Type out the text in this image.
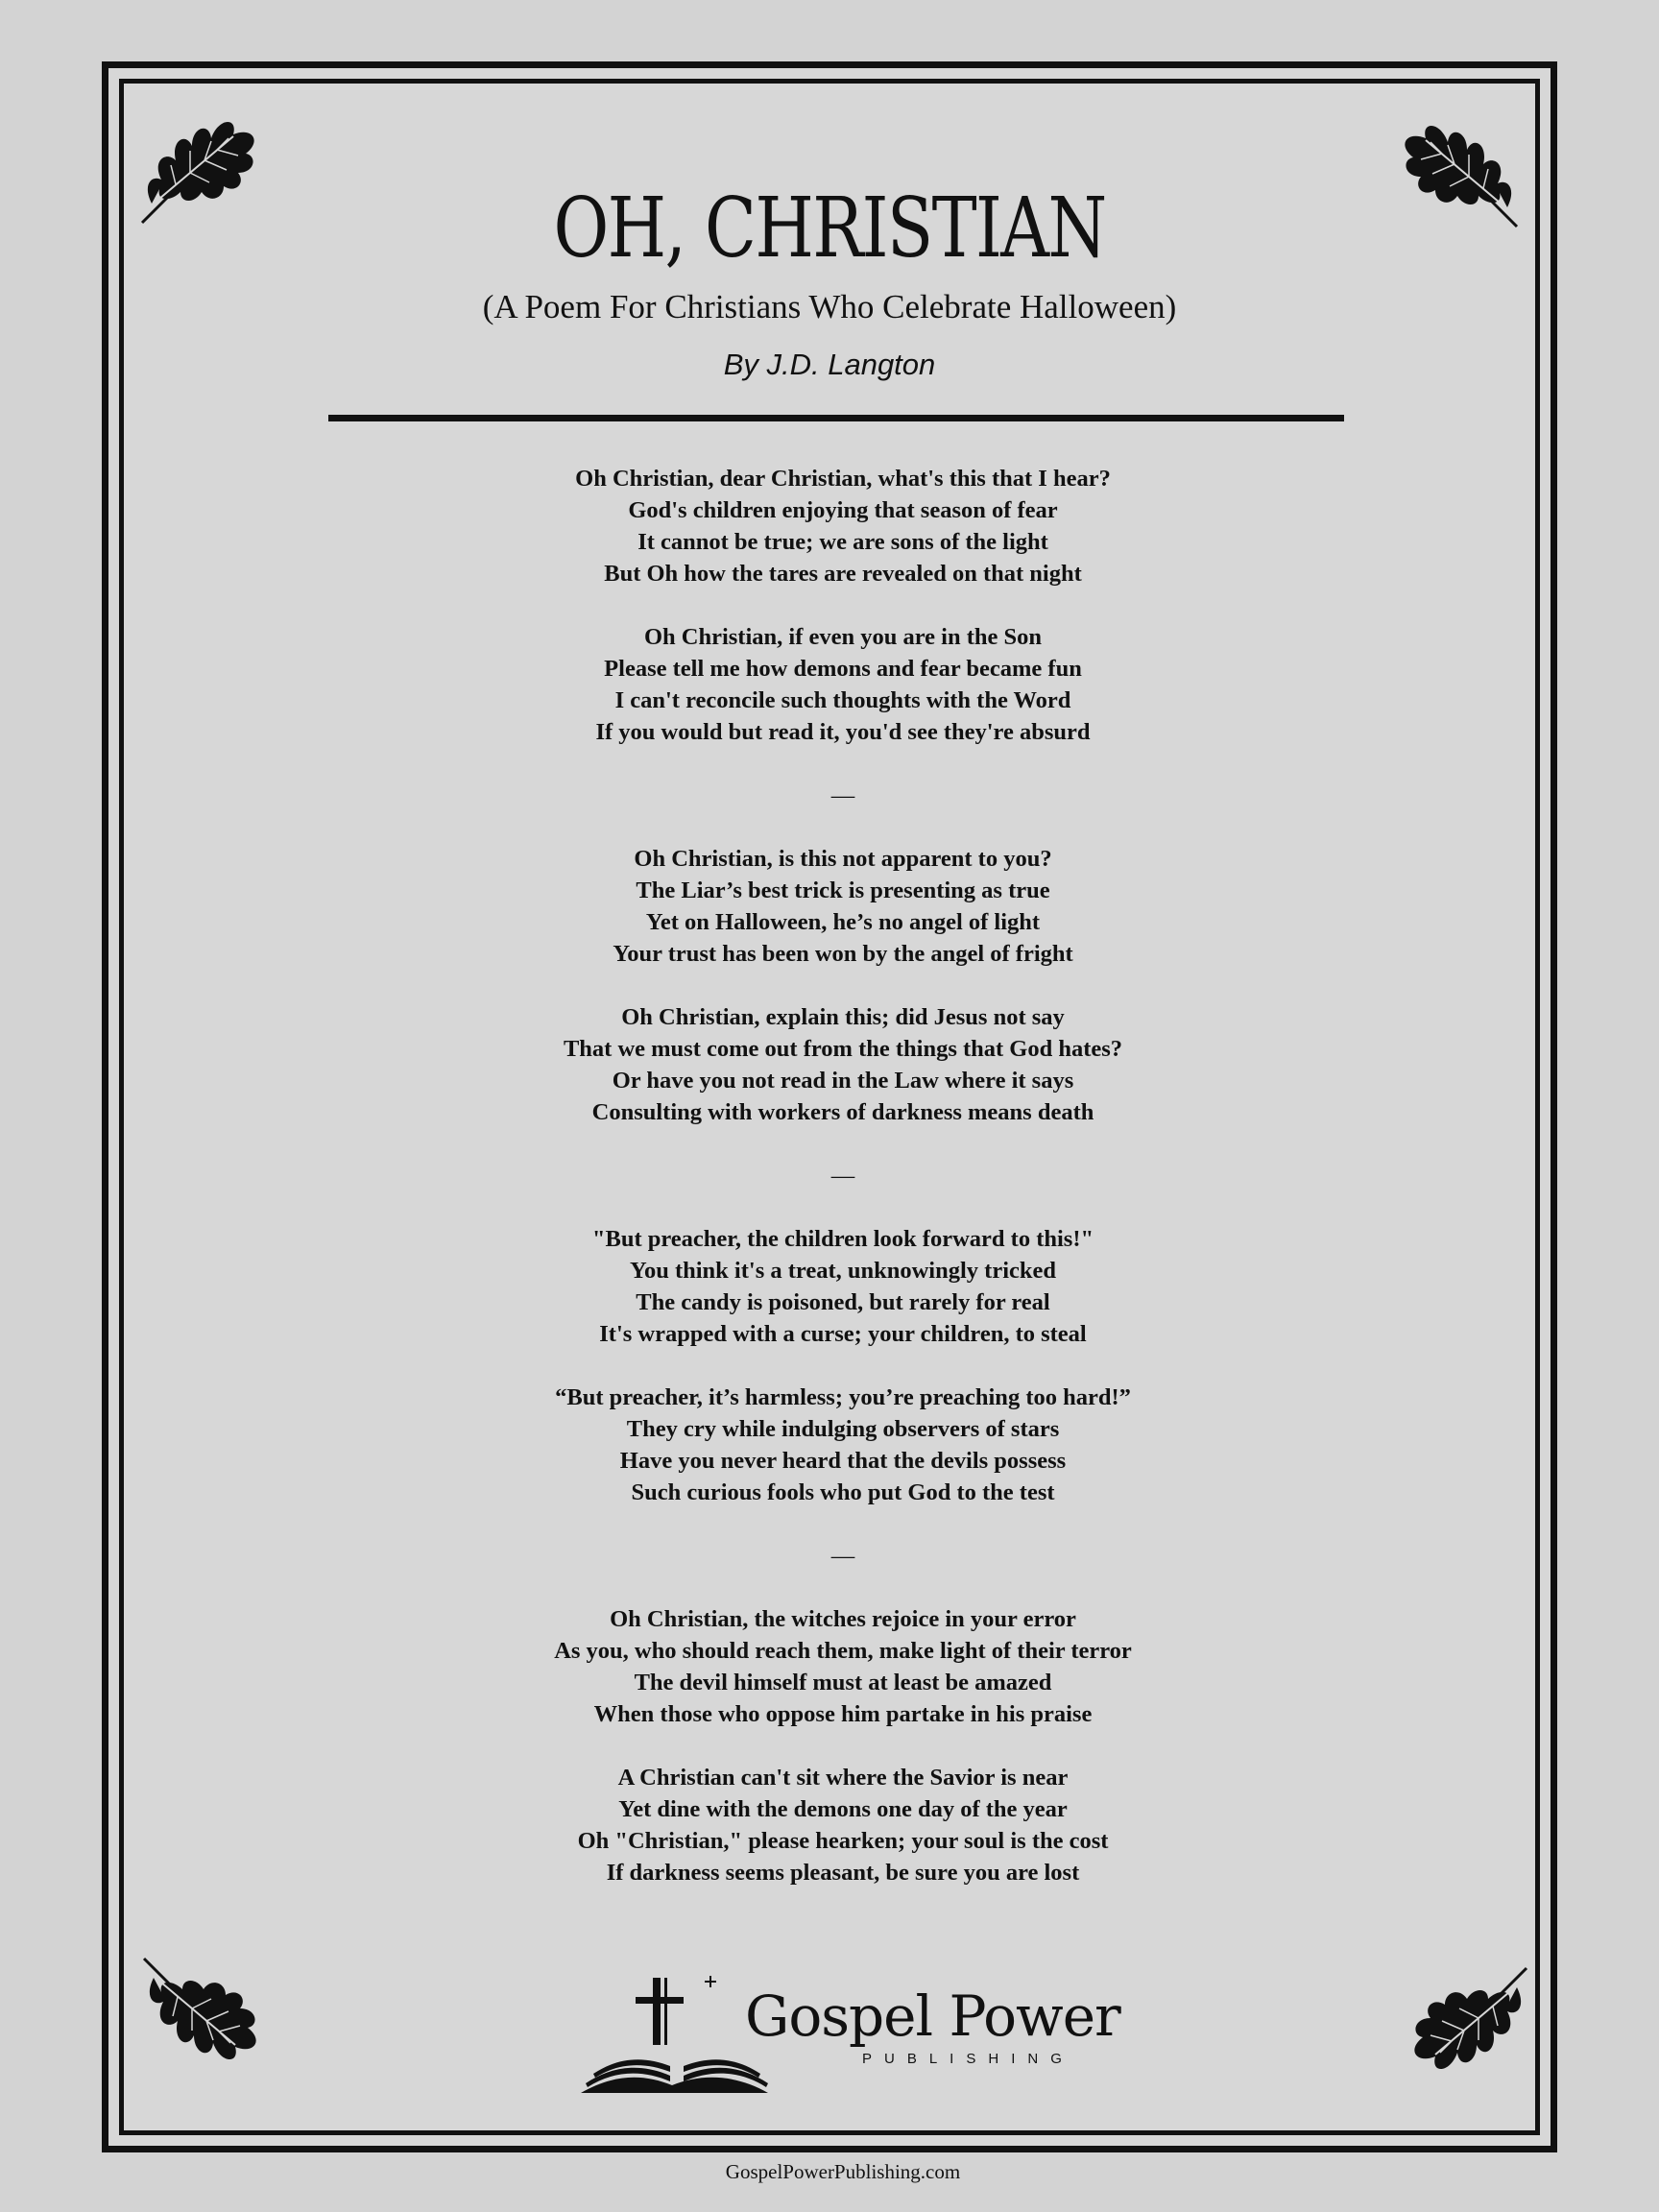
OH, CHRISTIAN
(A Poem For Christians Who Celebrate Halloween)
By J.D. Langton
Oh Christian, dear Christian, what's this that I hear?
God's children enjoying that season of fear
It cannot be true; we are sons of the light
But Oh how the tares are revealed on that night
Oh Christian, if even you are in the Son
Please tell me how demons and fear became fun
I can't reconcile such thoughts with the Word
If you would but read it, you'd see they're absurd
—
Oh Christian, is this not apparent to you?
The Liar’s best trick is presenting as true
Yet on Halloween, he’s no angel of light
Your trust has been won by the angel of fright
Oh Christian, explain this; did Jesus not say
That we must come out from the things that God hates?
Or have you not read in the Law where it says
Consulting with workers of darkness means death
—
"But preacher, the children look forward to this!"
You think it's a treat, unknowingly tricked
The candy is poisoned, but rarely for real
It's wrapped with a curse; your children, to steal
“But preacher, it’s harmless; you’re preaching too hard!”
They cry while indulging observers of stars
Have you never heard that the devils possess
Such curious fools who put God to the test
—
Oh Christian, the witches rejoice in your error
As you, who should reach them, make light of their terror
The devil himself must at least be amazed
When those who oppose him partake in his praise
A Christian can't sit where the Savior is near
Yet dine with the demons one day of the year
Oh "Christian," please hearken; your soul is the cost
If darkness seems pleasant, be sure you are lost
Gospel Power
PUBLISHING
GospelPowerPublishing.com
